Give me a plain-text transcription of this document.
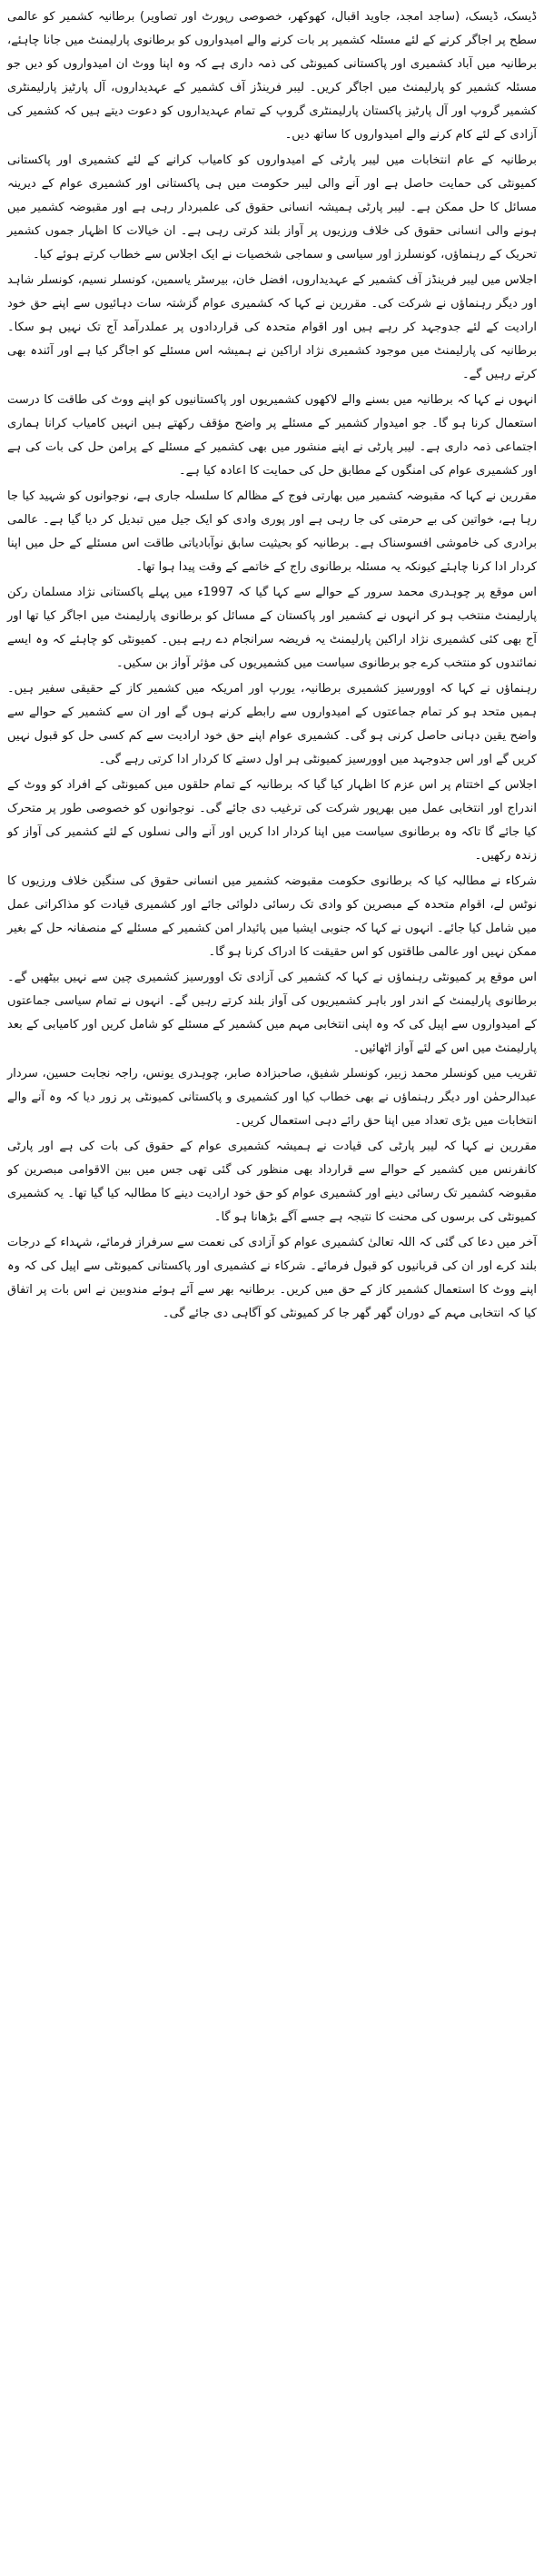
ڈیسک، ڈیسک، (ساجد امجد، جاوید اقبال، کھوکھر، خصوصی رپورٹ اور تصاویر) برطانیہ کشمیر کو عالمی سطح پر اجاگر کرنے کے لئے مسئلہ کشمیر پر بات کرنے والے امیدواروں کو برطانوی پارلیمنٹ میں جانا چاہئے، برطانیہ میں آباد کشمیری اور پاکستانی کمیونٹی کی ذمہ داری ہے کہ وہ اپنا ووٹ ان امیدواروں کو دیں جو مسئلہ کشمیر کو پارلیمنٹ میں اجاگر کریں۔ لیبر فرینڈز آف کشمیر کے عہدیداروں، آل پارٹیز پارلیمنٹری کشمیر گروپ اور آل پارٹیز پاکستان پارلیمنٹری گروپ کے تمام عہدیداروں کو دعوت دیتے ہیں کہ کشمیر کی آزادی کے لئے کام کرنے والے امیدواروں کا ساتھ دیں۔

برطانیہ کے عام انتخابات میں لیبر پارٹی کے امیدواروں کو کامیاب کرانے کے لئے کشمیری اور پاکستانی کمیونٹی کی حمایت حاصل ہے اور آنے والی لیبر حکومت میں ہی پاکستانی اور کشمیری عوام کے دیرینہ مسائل کا حل ممکن ہے۔ لیبر پارٹی ہمیشہ انسانی حقوق کی علمبردار رہی ہے اور مقبوضہ کشمیر میں ہونے والی انسانی حقوق کی خلاف ورزیوں پر آواز بلند کرتی رہی ہے۔ ان خیالات کا اظہار جموں کشمیر تحریک کے رہنماؤں، کونسلرز اور سیاسی و سماجی شخصیات نے ایک اجلاس سے خطاب کرتے ہوئے کیا۔

اجلاس میں لیبر فرینڈز آف کشمیر کے عہدیداروں، افضل خان، بیرسٹر یاسمین، کونسلر نسیم، کونسلر شاہد اور دیگر رہنماؤں نے شرکت کی۔ مقررین نے کہا کہ کشمیری عوام گزشتہ سات دہائیوں سے اپنے حق خود ارادیت کے لئے جدوجہد کر رہے ہیں اور اقوام متحدہ کی قراردادوں پر عملدرآمد آج تک نہیں ہو سکا۔ برطانیہ کی پارلیمنٹ میں موجود کشمیری نژاد اراکین نے ہمیشہ اس مسئلے کو اجاگر کیا ہے اور آئندہ بھی کرتے رہیں گے۔

انہوں نے کہا کہ برطانیہ میں بسنے والے لاکھوں کشمیریوں اور پاکستانیوں کو اپنے ووٹ کی طاقت کا درست استعمال کرنا ہو گا۔ جو امیدوار کشمیر کے مسئلے پر واضح مؤقف رکھتے ہیں انہیں کامیاب کرانا ہماری اجتماعی ذمہ داری ہے۔ لیبر پارٹی نے اپنے منشور میں بھی کشمیر کے مسئلے کے پرامن حل کی بات کی ہے اور کشمیری عوام کی امنگوں کے مطابق حل کی حمایت کا اعادہ کیا ہے۔

مقررین نے کہا کہ مقبوضہ کشمیر میں بھارتی فوج کے مظالم کا سلسلہ جاری ہے، نوجوانوں کو شہید کیا جا رہا ہے، خواتین کی بے حرمتی کی جا رہی ہے اور پوری وادی کو ایک جیل میں تبدیل کر دیا گیا ہے۔ عالمی برادری کی خاموشی افسوسناک ہے۔ برطانیہ کو بحیثیت سابق نوآبادیاتی طاقت اس مسئلے کے حل میں اپنا کردار ادا کرنا چاہئے کیونکہ یہ مسئلہ برطانوی راج کے خاتمے کے وقت پیدا ہوا تھا۔

اس موقع پر چوہدری محمد سرور کے حوالے سے کہا گیا کہ 1997ء میں پہلے پاکستانی نژاد مسلمان رکن پارلیمنٹ منتخب ہو کر انہوں نے کشمیر اور پاکستان کے مسائل کو برطانوی پارلیمنٹ میں اجاگر کیا تھا اور آج بھی کئی کشمیری نژاد اراکین پارلیمنٹ یہ فریضہ سرانجام دے رہے ہیں۔ کمیونٹی کو چاہئے کہ وہ ایسے نمائندوں کو منتخب کرے جو برطانوی سیاست میں کشمیریوں کی مؤثر آواز بن سکیں۔

رہنماؤں نے کہا کہ اوورسیز کشمیری برطانیہ، یورپ اور امریکہ میں کشمیر کاز کے حقیقی سفیر ہیں۔ ہمیں متحد ہو کر تمام جماعتوں کے امیدواروں سے رابطے کرنے ہوں گے اور ان سے کشمیر کے حوالے سے واضح یقین دہانی حاصل کرنی ہو گی۔ کشمیری عوام اپنے حق خود ارادیت سے کم کسی حل کو قبول نہیں کریں گے اور اس جدوجہد میں اوورسیز کمیونٹی ہر اول دستے کا کردار ادا کرتی رہے گی۔

اجلاس کے اختتام پر اس عزم کا اظہار کیا گیا کہ برطانیہ کے تمام حلقوں میں کمیونٹی کے افراد کو ووٹ کے اندراج اور انتخابی عمل میں بھرپور شرکت کی ترغیب دی جائے گی۔ نوجوانوں کو خصوصی طور پر متحرک کیا جائے گا تاکہ وہ برطانوی سیاست میں اپنا کردار ادا کریں اور آنے والی نسلوں کے لئے کشمیر کی آواز کو زندہ رکھیں۔

شرکاء نے مطالبہ کیا کہ برطانوی حکومت مقبوضہ کشمیر میں انسانی حقوق کی سنگین خلاف ورزیوں کا نوٹس لے، اقوام متحدہ کے مبصرین کو وادی تک رسائی دلوائی جائے اور کشمیری قیادت کو مذاکراتی عمل میں شامل کیا جائے۔ انہوں نے کہا کہ جنوبی ایشیا میں پائیدار امن کشمیر کے مسئلے کے منصفانہ حل کے بغیر ممکن نہیں اور عالمی طاقتوں کو اس حقیقت کا ادراک کرنا ہو گا۔

اس موقع پر کمیونٹی رہنماؤں نے کہا کہ کشمیر کی آزادی تک اوورسیز کشمیری چین سے نہیں بیٹھیں گے۔ برطانوی پارلیمنٹ کے اندر اور باہر کشمیریوں کی آواز بلند کرتے رہیں گے۔ انہوں نے تمام سیاسی جماعتوں کے امیدواروں سے اپیل کی کہ وہ اپنی انتخابی مہم میں کشمیر کے مسئلے کو شامل کریں اور کامیابی کے بعد پارلیمنٹ میں اس کے لئے آواز اٹھائیں۔

تقریب میں کونسلر محمد زبیر، کونسلر شفیق، صاحبزادہ صابر، چوہدری یونس، راجہ نجابت حسین، سردار عبدالرحمٰن اور دیگر رہنماؤں نے بھی خطاب کیا اور کشمیری و پاکستانی کمیونٹی پر زور دیا کہ وہ آنے والے انتخابات میں بڑی تعداد میں اپنا حق رائے دہی استعمال کریں۔

مقررین نے کہا کہ لیبر پارٹی کی قیادت نے ہمیشہ کشمیری عوام کے حقوق کی بات کی ہے اور پارٹی کانفرنس میں کشمیر کے حوالے سے قرارداد بھی منظور کی گئی تھی جس میں بین الاقوامی مبصرین کو مقبوضہ کشمیر تک رسائی دینے اور کشمیری عوام کو حق خود ارادیت دینے کا مطالبہ کیا گیا تھا۔ یہ کشمیری کمیونٹی کی برسوں کی محنت کا نتیجہ ہے جسے آگے بڑھانا ہو گا۔

آخر میں دعا کی گئی کہ اللہ تعالیٰ کشمیری عوام کو آزادی کی نعمت سے سرفراز فرمائے، شہداء کے درجات بلند کرے اور ان کی قربانیوں کو قبول فرمائے۔ شرکاء نے کشمیری اور پاکستانی کمیونٹی سے اپیل کی کہ وہ اپنے ووٹ کا استعمال کشمیر کاز کے حق میں کریں۔ برطانیہ بھر سے آئے ہوئے مندوبین نے اس بات پر اتفاق کیا کہ انتخابی مہم کے دوران گھر گھر جا کر کمیونٹی کو آگاہی دی جائے گی۔
